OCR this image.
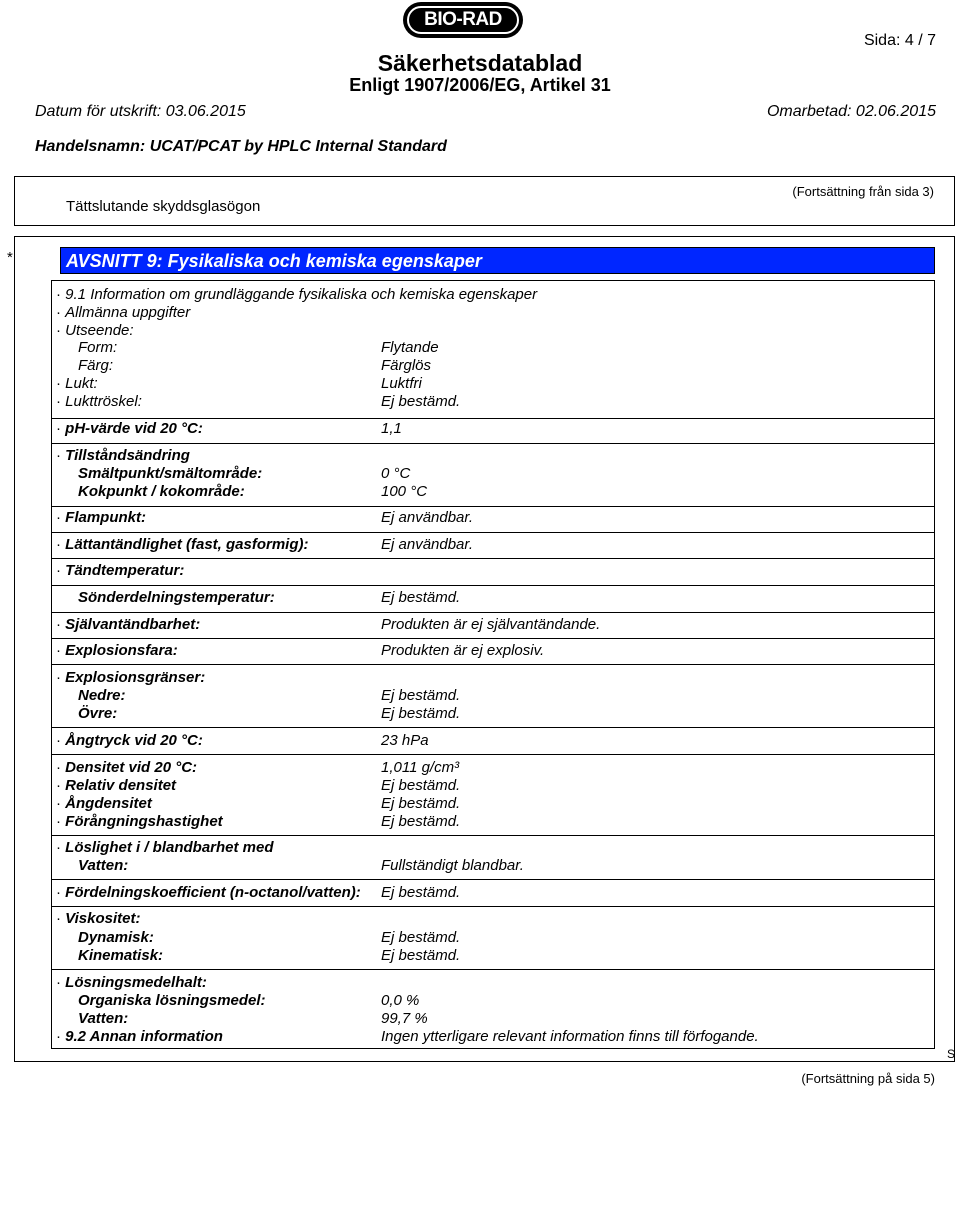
BIO-RAD
Sida: 4 / 7
Säkerhetsdatablad
Enligt 1907/2006/EG, Artikel 31
Datum för utskrift: 03.06.2015	Omarbetad: 02.06.2015
Handelsnamn: UCAT/PCAT by HPLC Internal Standard
Tättslutande skyddsglasögon
(Fortsättning från sida 3)
*	AVSNITT 9: Fysikaliska och kemiska egenskaper
· 9.1 Information om grundläggande fysikaliska och kemiska egenskaper
· Allmänna uppgifter
· Utseende:
Form:	Flytande
Färg:	Färglös
· Lukt:	Luktfri
· Lukttröskel:	Ej bestämd.
· pH-värde vid 20 °C:	1,1
· Tillståndsändring
Smältpunkt/smältområde:	0 °C
Kokpunkt / kokområde:	100 °C
· Flampunkt:	Ej användbar.
· Lättantändlighet (fast, gasformig):	Ej användbar.
· Tändtemperatur:
Sönderdelningstemperatur:	Ej bestämd.
· Självantändbarhet:	Produkten är ej självantändande.
· Explosionsfara:	Produkten är ej explosiv.
· Explosionsgränser:
Nedre:	Ej bestämd.
Övre:	Ej bestämd.
· Ångtryck vid 20 °C:	23 hPa
· Densitet vid 20 °C:	1,011 g/cm³
· Relativ densitet	Ej bestämd.
· Ångdensitet	Ej bestämd.
· Förångningshastighet	Ej bestämd.
· Löslighet i / blandbarhet med
Vatten:	Fullständigt blandbar.
· Fördelningskoefficient (n-octanol/vatten): Ej bestämd.
· Viskositet:
Dynamisk:	Ej bestämd.
Kinematisk:	Ej bestämd.
· Lösningsmedelhalt:
Organiska lösningsmedel:	0,0 %
Vatten:	99,7 %
· 9.2 Annan information	Ingen ytterligare relevant information finns till förfogande.
S
(Fortsättning på sida 5)
